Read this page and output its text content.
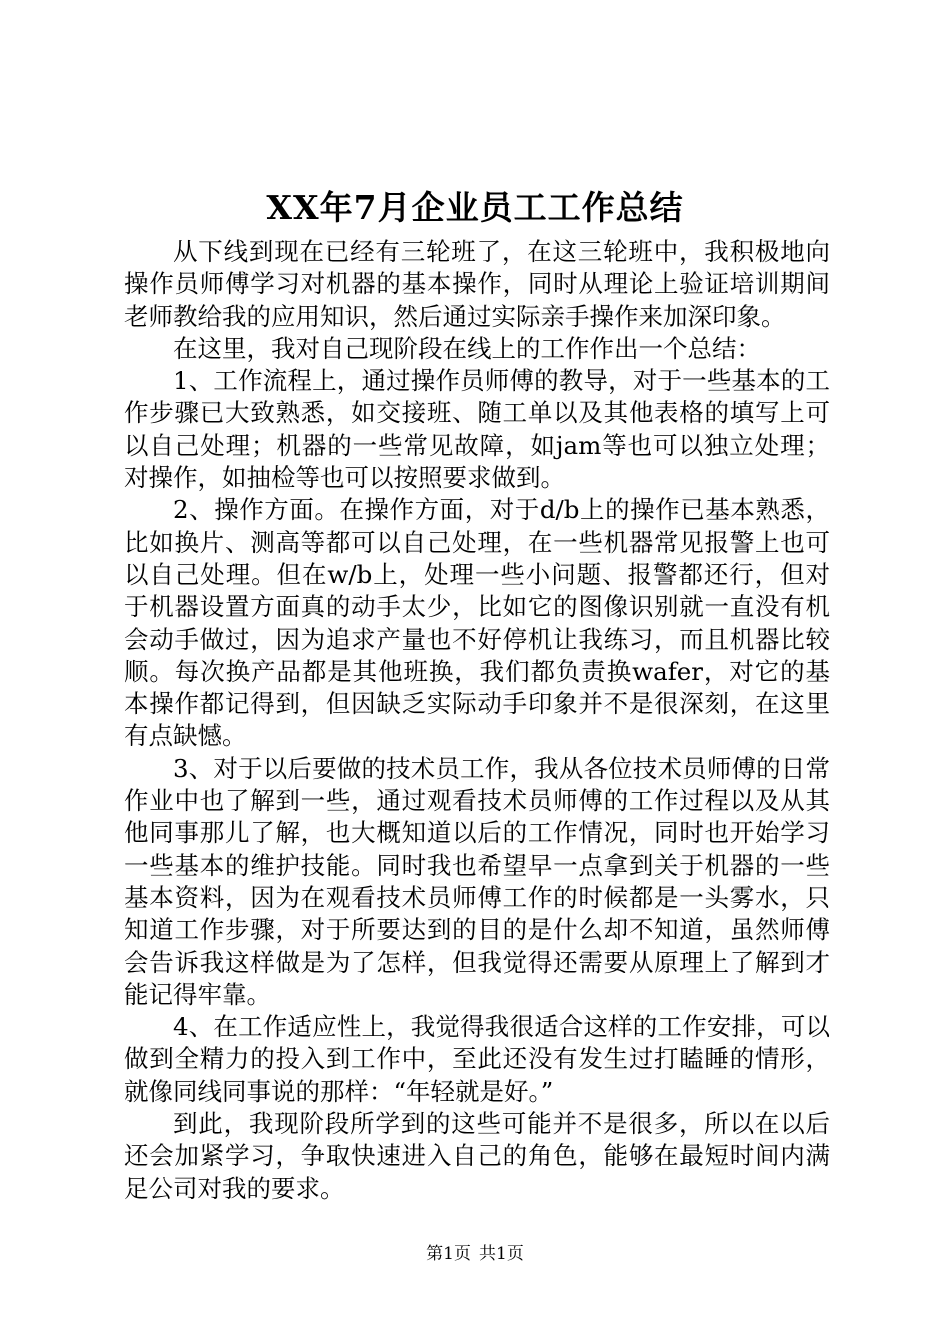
XX年7月企业员工工作总结

从下线到现在已经有三轮班了，在这三轮班中，我积极地向操作员师傅学习对机器的基本操作，同时从理论上验证培训期间老师教给我的应用知识，然后通过实际亲手操作来加深印象。

在这里，我对自己现阶段在线上的工作作出一个总结：

1、工作流程上，通过操作员师傅的教导，对于一些基本的工作步骤已大致熟悉，如交接班、随工单以及其他表格的填写上可以自己处理；机器的一些常见故障，如jam等也可以独立处理；对操作，如抽检等也可以按照要求做到。

2、操作方面。在操作方面，对于d/b上的操作已基本熟悉，比如换片、测高等都可以自己处理，在一些机器常见报警上也可以自己处理。但在w/b上，处理一些小问题、报警都还行，但对于机器设置方面真的动手太少，比如它的图像识别就一直没有机会动手做过，因为追求产量也不好停机让我练习，而且机器比较顺。每次换产品都是其他班换，我们都负责换wafer，对它的基本操作都记得到，但因缺乏实际动手印象并不是很深刻，在这里有点缺憾。

3、对于以后要做的技术员工作，我从各位技术员师傅的日常作业中也了解到一些，通过观看技术员师傅的工作过程以及从其他同事那儿了解，也大概知道以后的工作情况，同时也开始学习一些基本的维护技能。同时我也希望早一点拿到关于机器的一些基本资料，因为在观看技术员师傅工作的时候都是一头雾水，只知道工作步骤，对于所要达到的目的是什么却不知道，虽然师傅会告诉我这样做是为了怎样，但我觉得还需要从原理上了解到才能记得牢靠。

4、在工作适应性上，我觉得我很适合这样的工作安排，可以做到全精力的投入到工作中，至此还没有发生过打瞌睡的情形，就像同线同事说的那样：“年轻就是好。”

到此，我现阶段所学到的这些可能并不是很多，所以在以后还会加紧学习，争取快速进入自己的角色，能够在最短时间内满足公司对我的要求。

第1页 共1页
